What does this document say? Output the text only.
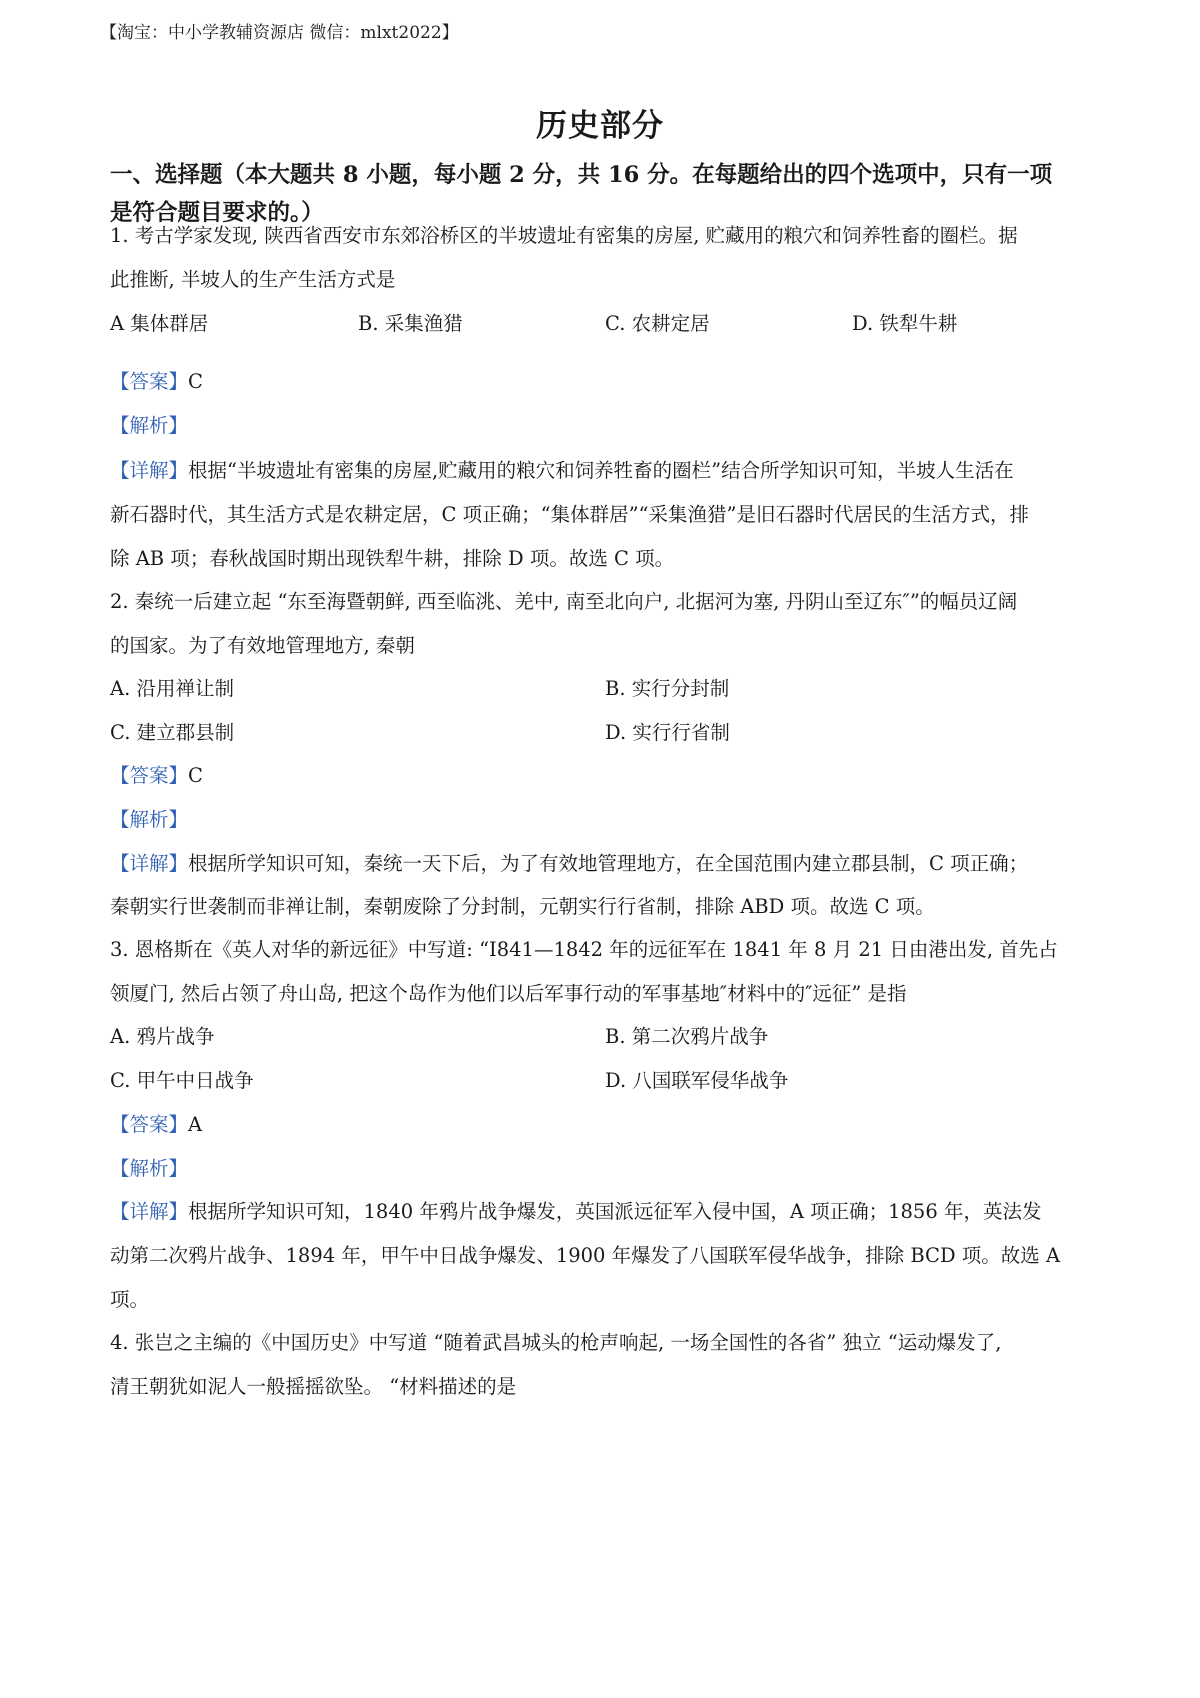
【淘宝：中小学教辅资源店 微信：mlxt2022】
历史部分
一、选择题（本大题共 8 小题，每小题 2 分，共 16 分。在每题给出的四个选项中，只有一项
是符合题目要求的。）
1. 考古学家发现, 陕西省西安市东郊浴桥区的半坡遗址有密集的房屋, 贮藏用的粮穴和饲养牲畜的圈栏。据
此推断, 半坡人的生产生活方式是
A 集体群居	B. 采集渔猎	C. 农耕定居	D. 铁犁牛耕
【答案】C
【解析】
【详解】根据“半坡遗址有密集的房屋,贮藏用的粮穴和饲养牲畜的圈栏”结合所学知识可知，半坡人生活在
新石器时代，其生活方式是农耕定居，C 项正确；“集体群居”“采集渔猎”是旧石器时代居民的生活方式，排
除 AB 项；春秋战国时期出现铁犁牛耕，排除 D 项。故选 C 项。
2. 秦统一后建立起 “东至海暨朝鲜, 西至临洮、羌中, 南至北向户, 北据河为塞, 丹阴山至辽东″”的幅员辽阔
的国家。为了有效地管理地方, 秦朝
A. 沿用禅让制	B. 实行分封制
C. 建立郡县制	D. 实行行省制
【答案】C
【解析】
【详解】根据所学知识可知，秦统一天下后，为了有效地管理地方，在全国范围内建立郡县制，C 项正确；
秦朝实行世袭制而非禅让制，秦朝废除了分封制，元朝实行行省制，排除 ABD 项。故选 C 项。
3. 恩格斯在《英人对华的新远征》中写道: “I841—1842 年的远征军在 1841 年 8 月 21 日由港出发, 首先占
领厦门, 然后占领了舟山岛, 把这个岛作为他们以后军事行动的军事基地″材料中的″远征” 是指
A. 鸦片战争	B. 第二次鸦片战争
C. 甲午中日战争	D. 八国联军侵华战争
【答案】A
【解析】
【详解】根据所学知识可知，1840 年鸦片战争爆发，英国派远征军入侵中国，A 项正确；1856 年，英法发
动第二次鸦片战争、1894 年，甲午中日战争爆发、1900 年爆发了八国联军侵华战争，排除 BCD 项。故选 A
项。
4. 张岂之主编的《中国历史》中写道 “随着武昌城头的枪声响起, 一场全国性的各省” 独立 “运动爆发了,
清王朝犹如泥人一般摇摇欲坠。 “材料描述的是
